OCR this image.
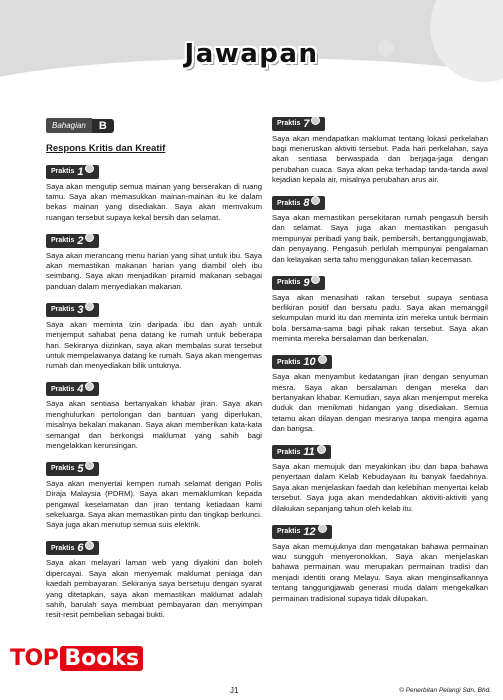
Jawapan
Bahagian	B
Respons Kritis dan Kreatif
Praktis 1

Saya akan mengutip semua mainan yang berserakan di ruang tamu. Saya akan memasukkan mainan-mainan itu ke dalam bekas mainan yang disediakan. Saya akan memvakum ruangan tersebut supaya kekal bersih dan selamat.

Praktis 2

Saya akan merancang menu harian yang sihat untuk ibu. Saya akan memastikan makanan harian yang diambil oleh ibu seimbang. Saya akan menjadikan piramid makanan sebagai panduan dalam menyediakan makanan.

Praktis 3

Saya akan meminta izin daripada ibu dan ayah untuk menjemput sahabat pena datang ke rumah untuk beberapa hari. Sekiranya diizinkan, saya akan membalas surat tersebut untuk mempelawanya datang ke rumah. Saya akan mengemas rumah dan menyediakan bilik untuknya.

Praktis 4

Saya akan sentiasa bertanyakan khabar jiran. Saya akan menghulurkan pertolongan dan bantuan yang diperlukan, misalnya bekalan makanan. Saya akan memberikan kata-kata semangat dan berkongsi maklumat yang sahih bagi mengelakkan kerunsingan.

Praktis 5

Saya akan menyertai kempen rumah selamat dengan Polis Diraja Malaysia (PDRM). Saya akan memaklumkan kepada pengawal keselamatan dan jiran tentang ketiadaan kami sekeluarga. Saya akan memastikan pintu dan tingkap berkunci. Saya juga akan menutup semua suis elektrik.

Praktis 6

Saya akan melayari laman web yang diyakini dan boleh dipercayai. Saya akan menyemak maklumat peniaga dan kaedah pembayaran. Sekiranya saya bersetuju dengan syarat yang ditetapkan, saya akan memastikan maklumat adalah sahih, barulah saya membuat pembayaran dan menyimpan resit-resit pembelian sebagai bukti.

Praktis 7

Saya akan mendapatkan maklumat tentang lokasi perkelahan bagi meneruskan aktiviti tersebut. Pada hari perkelahan, saya akan sentiasa berwaspada dan berjaga-jaga dengan perubahan cuaca. Saya akan peka terhadap tanda-tanda awal kejadian kepala air, misalnya perubahan arus air.

Praktis 8

Saya akan memastikan persekitaran rumah pengasuh bersih dan selamat. Saya juga akan memastikan pengasuh mempunyai peribadi yang baik, pembersih, bertanggungjawab, dan penyayang. Pengasuh perlulah mempunyai pengalaman dan kelayakan serta tahu menggunakan talian kecemasan.

Praktis 9

Saya akan menasihati rakan tersebut supaya sentiasa berfikiran positif dan bersatu padu. Saya akan memanggil sekumpulan murid itu dan meminta izin mereka untuk bermain bola bersama-sama bagi pihak rakan tersebut. Saya akan meminta mereka bersalaman dan berkenalan.

Praktis 10

Saya akan menyambut kedatangan jiran dengan senyuman mesra. Saya akan bersalaman dengan mereka dan bertanyakan khabar. Kemudian, saya akan menjemput mereka duduk dan menikmati hidangan yang disediakan. Semua tetamu akan dilayan dengan mesranya tanpa mengira agama dan bangsa.

Praktis 11

Saya akan memujuk dan meyakinkan ibu dan bapa bahawa penyertaan dalam Kelab Kebudayaan itu banyak faedahnya. Saya akan menjelaskan faedah dan kelebihan menyertai kelab tersebut. Saya juga akan mendedahkan aktiviti-aktiviti yang dilakukan sepanjang tahun oleh kelab itu.

Praktis 12

Saya akan memujuknya dan mengatakan bahawa permainan wau sungguh menyeronokkan. Saya akan menjelaskan bahawa permainan wau merupakan permainan tradisi dan menjadi identiti orang Melayu. Saya akan menginsafkannya tentang tanggungjawab generasi muda dalam mengekalkan permainan tradisional supaya tidak dilupakan.

TOP Books
J1	© Penerbitan Pelangi Sdn. Bhd.
